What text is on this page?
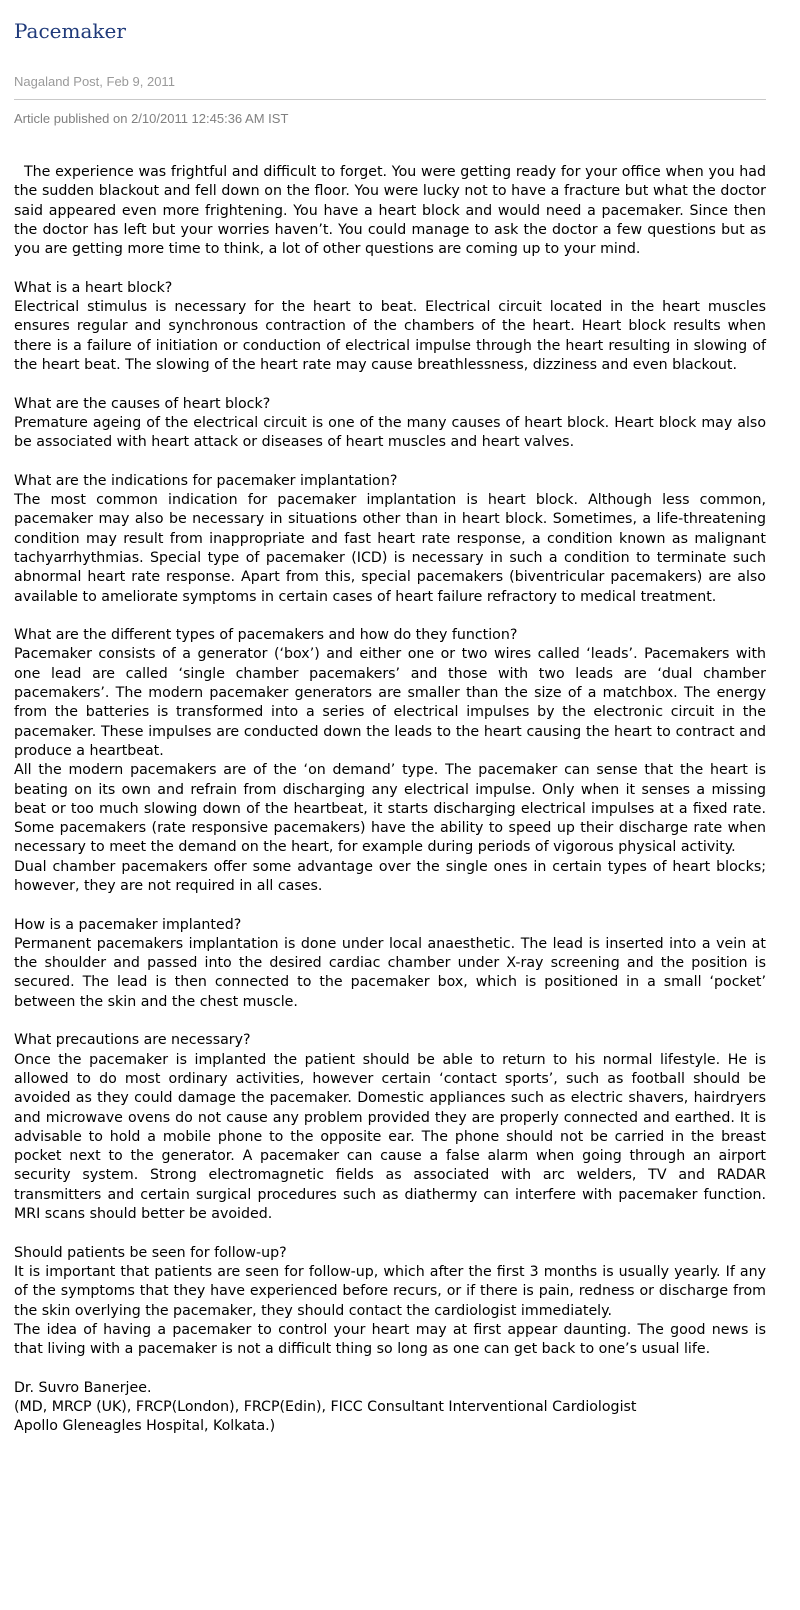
Pacemaker
Nagaland Post, Feb 9, 2011
Article published on 2/10/2011 12:45:36 AM IST

The experience was frightful and difficult to forget. You were getting ready for your office when you had the sudden blackout and fell down on the floor. You were lucky not to have a fracture but what the doctor said appeared even more frightening. You have a heart block and would need a pacemaker. Since then the doctor has left but your worries haven’t. You could manage to ask the doctor a few questions but as you are getting more time to think, a lot of other questions are coming up to your mind.

What is a heart block?

Electrical stimulus is necessary for the heart to beat. Electrical circuit located in the heart muscles ensures regular and synchronous contraction of the chambers of the heart. Heart block results when there is a failure of initiation or conduction of electrical impulse through the heart resulting in slowing of the heart beat. The slowing of the heart rate may cause breathlessness, dizziness and even blackout.

What are the causes of heart block?

Premature ageing of the electrical circuit is one of the many causes of heart block. Heart block may also be associated with heart attack or diseases of heart muscles and heart valves.

What are the indications for pacemaker implantation?

The most common indication for pacemaker implantation is heart block. Although less common, pacemaker may also be necessary in situations other than in heart block. Sometimes, a life-threatening condition may result from inappropriate and fast heart rate response, a condition known as malignant tachyarrhythmias. Special type of pacemaker (ICD) is necessary in such a condition to terminate such abnormal heart rate response. Apart from this, special pacemakers (biventricular pacemakers) are also available to ameliorate symptoms in certain cases of heart failure refractory to medical treatment.

What are the different types of pacemakers and how do they function?

Pacemaker consists of a generator (‘box’) and either one or two wires called ‘leads’. Pacemakers with one lead are called ‘single chamber pacemakers’ and those with two leads are ‘dual chamber pacemakers’. The modern pacemaker generators are smaller than the size of a matchbox. The energy from the batteries is transformed into a series of electrical impulses by the electronic circuit in the pacemaker. These impulses are conducted down the leads to the heart causing the heart to contract and produce a heartbeat.

All the modern pacemakers are of the ‘on demand’ type. The pacemaker can sense that the heart is beating on its own and refrain from discharging any electrical impulse. Only when it senses a missing beat or too much slowing down of the heartbeat, it starts discharging electrical impulses at a fixed rate. Some pacemakers (rate responsive pacemakers) have the ability to speed up their discharge rate when necessary to meet the demand on the heart, for example during periods of vigorous physical activity.

Dual chamber pacemakers offer some advantage over the single ones in certain types of heart blocks; however, they are not required in all cases.

How is a pacemaker implanted?

Permanent pacemakers implantation is done under local anaesthetic. The lead is inserted into a vein at the shoulder and passed into the desired cardiac chamber under X-ray screening and the position is secured. The lead is then connected to the pacemaker box, which is positioned in a small ‘pocket’ between the skin and the chest muscle.

What precautions are necessary?

Once the pacemaker is implanted the patient should be able to return to his normal lifestyle. He is allowed to do most ordinary activities, however certain ‘contact sports’, such as football should be avoided as they could damage the pacemaker. Domestic appliances such as electric shavers, hairdryers and microwave ovens do not cause any problem provided they are properly connected and earthed. It is advisable to hold a mobile phone to the opposite ear. The phone should not be carried in the breast pocket next to the generator. A pacemaker can cause a false alarm when going through an airport security system. Strong electromagnetic fields as associated with arc welders, TV and RADAR transmitters and certain surgical procedures such as diathermy can interfere with pacemaker function. MRI scans should better be avoided.

Should patients be seen for follow-up?

It is important that patients are seen for follow-up, which after the first 3 months is usually yearly. If any of the symptoms that they have experienced before recurs, or if there is pain, redness or discharge from the skin overlying the pacemaker, they should contact the cardiologist immediately.

The idea of having a pacemaker to control your heart may at first appear daunting. The good news is that living with a pacemaker is not a difficult thing so long as one can get back to one’s usual life.

Dr. Suvro Banerjee.

(MD, MRCP (UK), FRCP(London), FRCP(Edin), FICC Consultant Interventional Cardiologist

Apollo Gleneagles Hospital, Kolkata.)
